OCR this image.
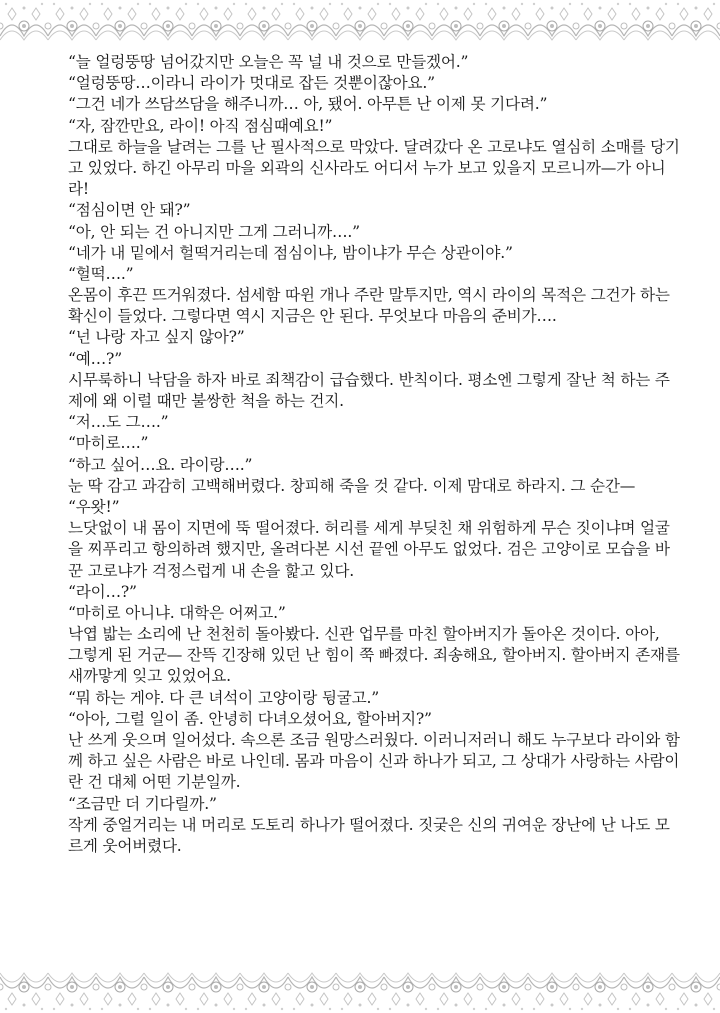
“늘 얼렁뚱땅 넘어갔지만 오늘은 꼭 널 내 것으로 만들겠어.”
“얼렁뚱땅…이라니 라이가 멋대로 잡든 것뿐이잖아요.”
“그건 네가 쓰담쓰담을 해주니까… 아, 됐어. 아무튼 난 이제 못 기다려.”
“자, 잠깐만요, 라이! 아직 점심때예요!”
그대로 하늘을 날려는 그를 난 필사적으로 막았다. 달려갔다 온 고로냐도 열심히 소매를 당기
고 있었다. 하긴 아무리 마을 외곽의 신사라도 어디서 누가 보고 있을지 모르니까—가 아니
라!
“점심이면 안 돼?”
“아, 안 되는 건 아니지만 그게 그러니까….”
“네가 내 밑에서 헐떡거리는데 점심이냐, 밤이냐가 무슨 상관이야.”
“헐떡….”
온몸이 후끈 뜨거워졌다. 섬세함 따윈 개나 주란 말투지만, 역시 라이의 목적은 그건가 하는
확신이 들었다. 그렇다면 역시 지금은 안 된다. 무엇보다 마음의 준비가….
“넌 나랑 자고 싶지 않아?”
“예…?”
시무룩하니 낙담을 하자 바로 죄책감이 급습했다. 반칙이다. 평소엔 그렇게 잘난 척 하는 주
제에 왜 이럴 때만 불쌍한 척을 하는 건지.
“저…도 그….”
“마히로….”
“하고 싶어…요. 라이랑….”
눈 딱 감고 과감히 고백해버렸다. 창피해 죽을 것 같다. 이제 맘대로 하라지. 그 순간—
“우왓!”
느닷없이 내 몸이 지면에 뚝 떨어졌다. 허리를 세게 부딪친 채 위험하게 무슨 짓이냐며 얼굴
을 찌푸리고 항의하려 했지만, 올려다본 시선 끝엔 아무도 없었다. 검은 고양이로 모습을 바
꾼 고로냐가 걱정스럽게 내 손을 핥고 있다.
“라이…?”
“마히로 아니냐. 대학은 어쩌고.”
낙엽 밟는 소리에 난 천천히 돌아봤다. 신관 업무를 마친 할아버지가 돌아온 것이다. 아아,
그렇게 된 거군— 잔뜩 긴장해 있던 난 힘이 쭉 빠졌다. 죄송해요, 할아버지. 할아버지 존재를
새까맣게 잊고 있었어요.
“뭐 하는 게야. 다 큰 녀석이 고양이랑 뒹굴고.”
“아아, 그럴 일이 좀. 안녕히 다녀오셨어요, 할아버지?”
난 쓰게 웃으며 일어섰다. 속으론 조금 원망스러웠다. 이러니저러니 해도 누구보다 라이와 함
께 하고 싶은 사람은 바로 나인데. 몸과 마음이 신과 하나가 되고, 그 상대가 사랑하는 사람이
란 건 대체 어떤 기분일까.
“조금만 더 기다릴까.”
작게 중얼거리는 내 머리로 도토리 하나가 떨어졌다. 짓궂은 신의 귀여운 장난에 난 나도 모
르게 웃어버렸다.
